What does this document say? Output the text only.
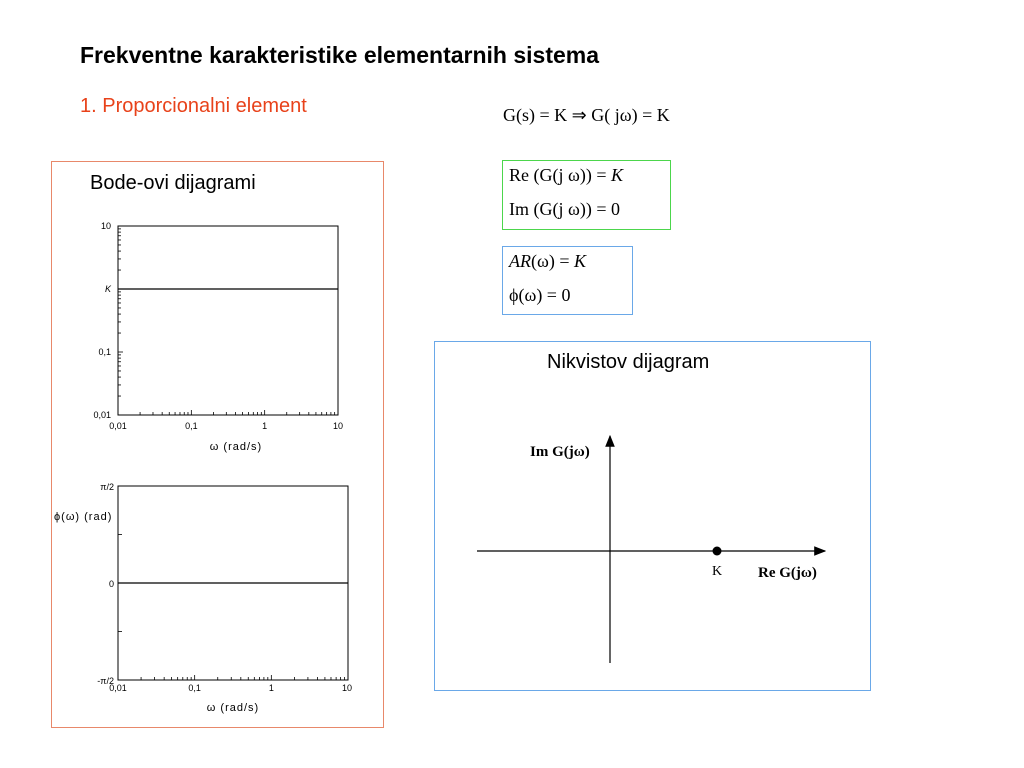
Frekventne karakteristike elementarnih sistema
1. Proporcionalni element	G(s) = K ⇒ G( jω) = K
Re (G(j ω)) = K
Im (G(j ω)) = 0
AR(ω) = K
ϕ(ω) = 0
Bode-ovi dijagrami
Nikvistov dijagram
10
K
0,1
0,01
0,01	0,1	1	10
ω (rad/s)
π/2
0
-π/2
0,01	0,1	1	10
ω (rad/s)
ϕ(ω) (rad)
Im G(jω)
Re G(jω)
K
